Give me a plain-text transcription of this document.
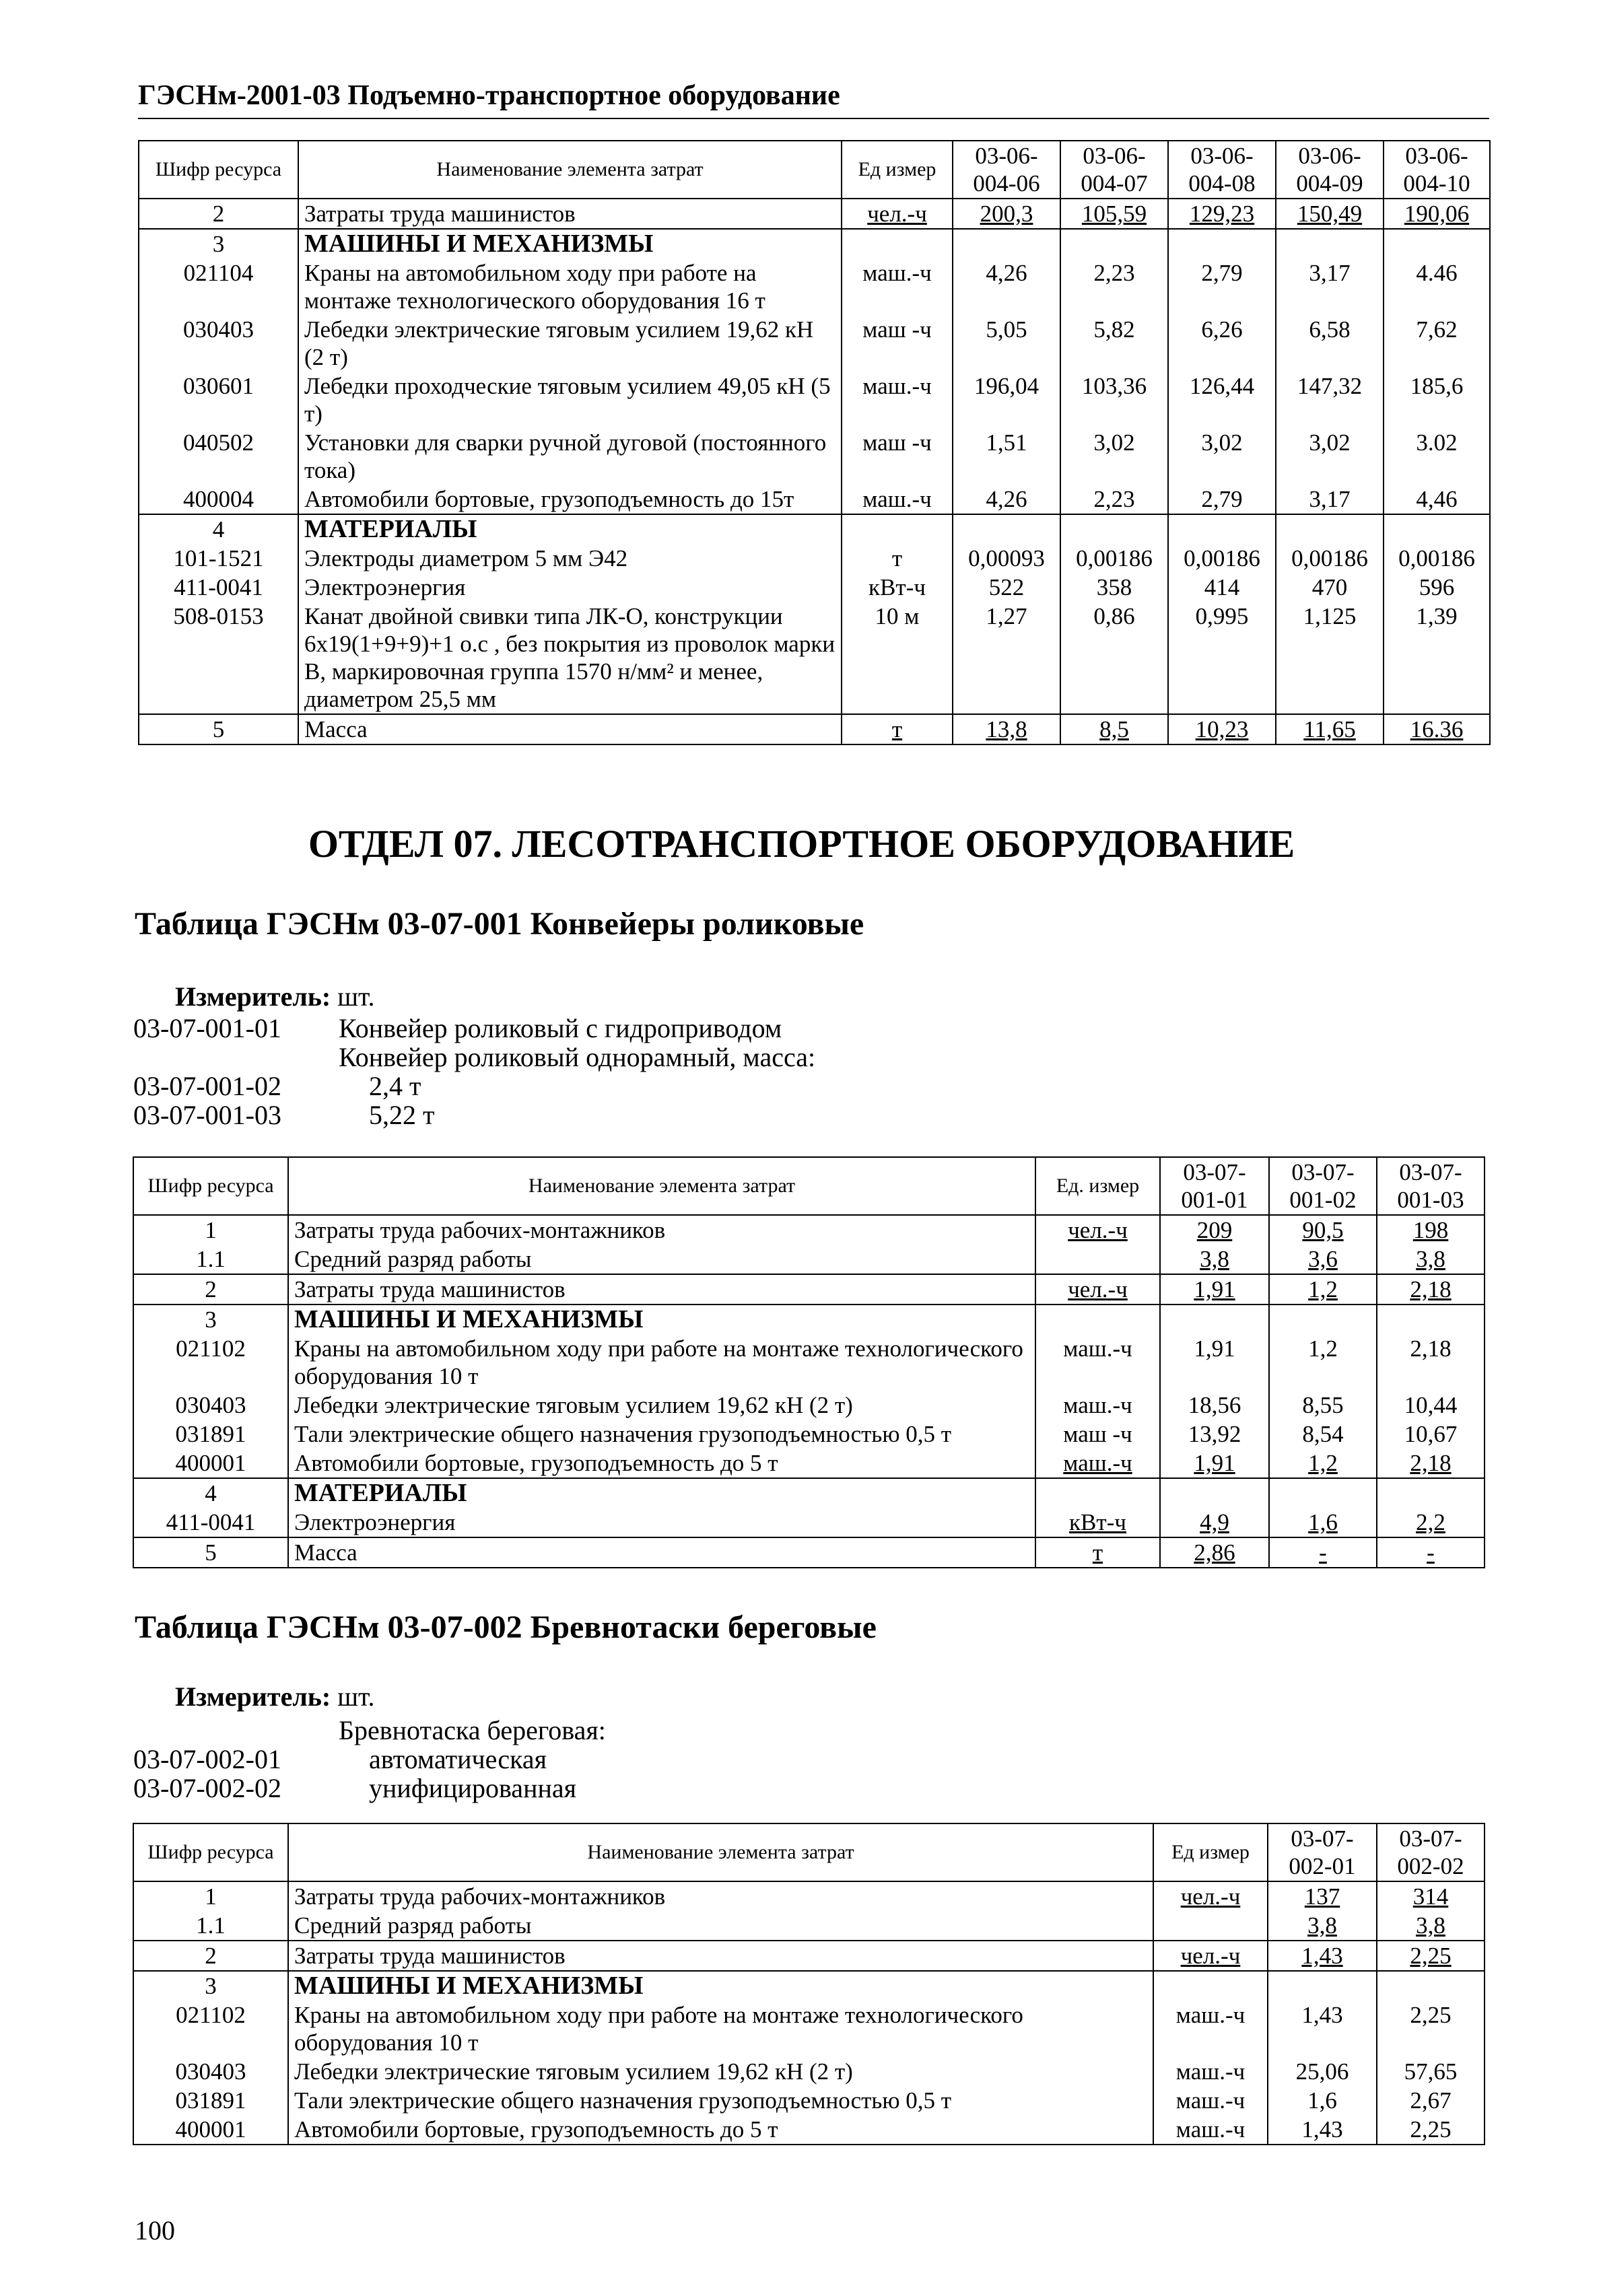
ГЭСНм-2001-03 Подъемно-транспортное оборудование
Шифр ресурса	Наименование элемента затрат	Ед измер	03-06-004-06	03-06-004-07	03-06-004-08	03-06-004-09	03-06-004-10
2	Затраты труда машинистов	чел.-ч	200,3	105,59	129,23	150,49	190,06
3	МАШИНЫ И МЕХАНИЗМЫ						
021104	Краны на автомобильном ходу при работе на монтаже технологического оборудования 16 т	маш.-ч	4,26	2,23	2,79	3,17	4.46
030403	Лебедки электрические тяговым усилием 19,62 кН (2 т)	маш -ч	5,05	5,82	6,26	6,58	7,62
030601	Лебедки проходческие тяговым усилием 49,05 кН (5 т)	маш.-ч	196,04	103,36	126,44	147,32	185,6
040502	Установки для сварки ручной дуговой (постоянного тока)	маш -ч	1,51	3,02	3,02	3,02	3.02
400004	Автомобили бортовые, грузоподъемность до 15т	маш.-ч	4,26	2,23	2,79	3,17	4,46
4	МАТЕРИАЛЫ						
101-1521	Электроды диаметром 5 мм Э42	т	0,00093	0,00186	0,00186	0,00186	0,00186
411-0041	Электроэнергия	кВт-ч	522	358	414	470	596
508-0153	Канат двойной свивки типа ЛК-О, конструкции 6х19(1+9+9)+1 о.с , без покрытия из проволок марки В, маркировочная группа 1570 н/мм² и менее, диаметром 25,5 мм	10 м	1,27	0,86	0,995	1,125	1,39
5	Масса	т	13,8	8,5	10,23	11,65	16.36
ОТДЕЛ 07. ЛЕСОТРАНСПОРТНОЕ ОБОРУДОВАНИЕ
Таблица ГЭСНм 03-07-001 Конвейеры роликовые
Измеритель: шт.
03-07-001-01 Конвейер роликовый с гидроприводом
Конвейер роликовый однорамный, масса:
03-07-001-02	2,4 т
03-07-001-03	5,22 т
Шифр ресурса	Наименование элемента затрат	Ед. измер	03-07-001-01	03-07-001-02	03-07-001-03
1	Затраты труда рабочих-монтажников	чел.-ч	209	90,5	198
1.1	Средний разряд работы		3,8	3,6	3,8
2	Затраты труда машинистов	чел.-ч	1,91	1,2	2,18
3	МАШИНЫ И МЕХАНИЗМЫ				
021102	Краны на автомобильном ходу при работе на монтаже технологического оборудования 10 т	маш.-ч	1,91	1,2	2,18
030403	Лебедки электрические тяговым усилием 19,62 кН (2 т)	маш.-ч	18,56	8,55	10,44
031891	Тали электрические общего назначения грузоподъемностью 0,5 т	маш -ч	13,92	8,54	10,67
400001	Автомобили бортовые, грузоподъемность до 5 т	маш.-ч	1,91	1,2	2,18
4	МАТЕРИАЛЫ				
411-0041	Электроэнергия	кВт-ч	4,9	1,6	2,2
5	Масса	т	2,86	-	-
Таблица ГЭСНм 03-07-002 Бревнотаски береговые
Измеритель: шт.
Бревнотаска береговая:
03-07-002-01	автоматическая
03-07-002-02	унифицированная
Шифр ресурса	Наименование элемента затрат	Ед измер	03-07-002-01	03-07-002-02
1	Затраты труда рабочих-монтажников	чел.-ч	137	314
1.1	Средний разряд работы		3,8	3,8
2	Затраты труда машинистов	чел.-ч	1,43	2,25
3	МАШИНЫ И МЕХАНИЗМЫ			
021102	Краны на автомобильном ходу при работе на монтаже технологического оборудования 10 т	маш.-ч	1,43	2,25
030403	Лебедки электрические тяговым усилием 19,62 кН (2 т)	маш.-ч	25,06	57,65
031891	Тали электрические общего назначения грузоподъемностью 0,5 т	маш.-ч	1,6	2,67
400001	Автомобили бортовые, грузоподъемность до 5 т	маш.-ч	1,43	2,25
100
